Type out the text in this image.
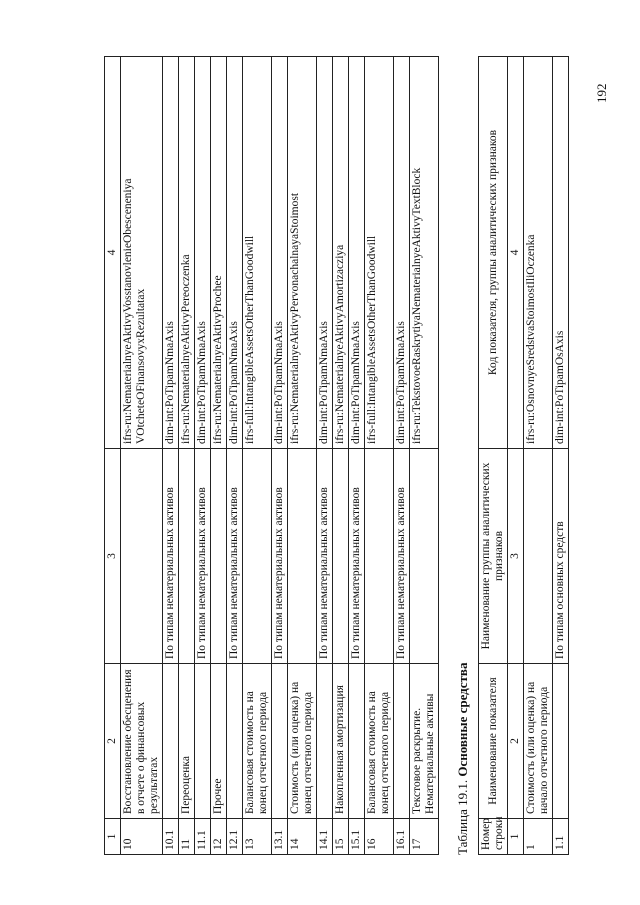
1	2	3	4
10	Восстановление обесценения в отчете о финансовых результатах		ifrs-ru:NematerialnyeAktivyVosstanovlenieObesceneniya VOtcheteOFinansovyxRezultatax
10.1		По типам нематериальных активов	dim-int:PoTipamNmaAxis
11	Переоценка		ifrs-ru:NematerialnyeAktivyPereoczenka
11.1		По типам нематериальных активов	dim-int:PoTipamNmaAxis
12	Прочее		ifrs-ru:NematerialnyeAktivyProchee
12.1		По типам нематериальных активов	dim-int:PoTipamNmaAxis
13	Балансовая стоимость на конец отчетного периода		ifrs-full:IntangibleAssetsOtherThanGoodwill
13.1		По типам нематериальных активов	dim-int:PoTipamNmaAxis
14	Стоимость (или оценка) на конец отчетного периода		ifrs-ru:NematerialnyeAktivyPervonachalnayaStoimost
14.1		По типам нематериальных активов	dim-int:PoTipamNmaAxis
15	Накопленная амортизация		ifrs-ru:NematerialnyeAktivyAmortizacziya
15.1		По типам нематериальных активов	dim-int:PoTipamNmaAxis
16	Балансовая стоимость на конец отчетного периода		ifrs-full:IntangibleAssetsOtherThanGoodwill
16.1		По типам нематериальных активов	dim-int:PoTipamNmaAxis
17	Текстовое раскрытие. Нематериальные активы		ifrs-ru:TekstovoeRaskrytiyaNematerialnyeAktivyTextBlock
Таблица 19.1. Основные средства
Номер строки	Наименование показателя	Наименование группы аналитических признаков	Код показателя, группы аналитических признаков
1	2	3	4
1	Стоимость (или оценка) на начало отчетного периода		ifrs-ru:OsnovnyeSredstvaStoimostIliOczenka
1.1		По типам основных средств	dim-int:PoTipamOsAxis
192
